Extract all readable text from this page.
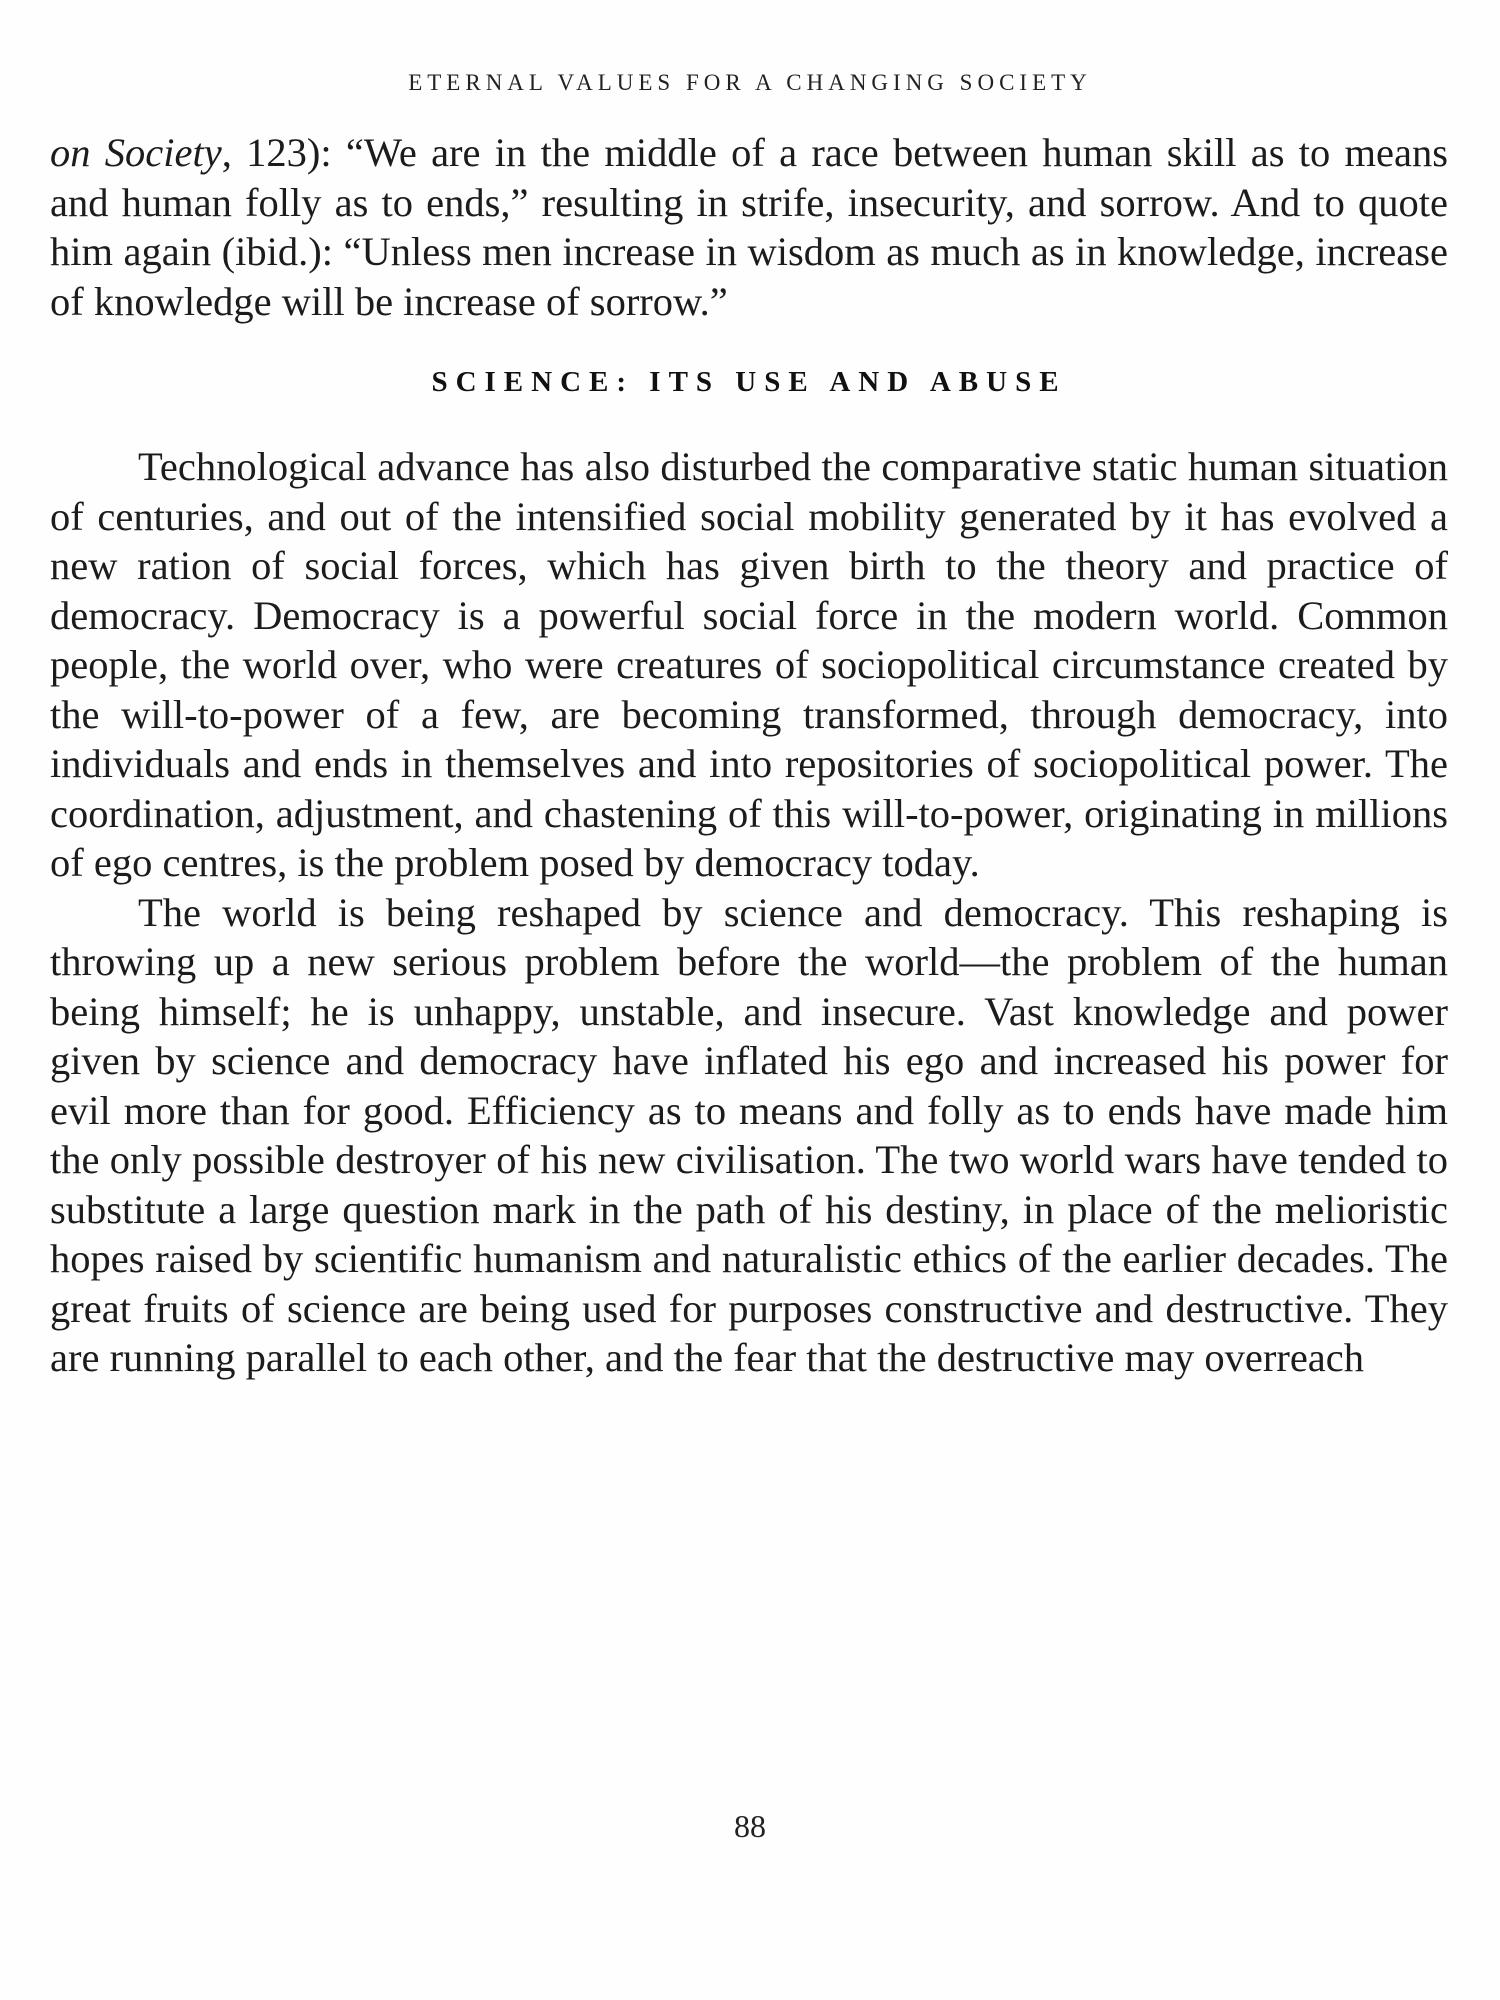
ETERNAL VALUES FOR A CHANGING SOCIETY

on Society, 123): “We are in the middle of a race between human skill as to means and human folly as to ends,” resulting in strife, insecurity, and sorrow. And to quote him again (ibid.): “Unless men increase in wisdom as much as in knowledge, increase of knowledge will be increase of sorrow.”

SCIENCE: ITS USE AND ABUSE

Technological advance has also disturbed the comparative static human situation of centuries, and out of the intensified social mobility generated by it has evolved a new ration of social forces, which has given birth to the theory and practice of democracy. Democracy is a powerful social force in the modern world. Common people, the world over, who were creatures of sociopolitical circumstance created by the will-to-power of a few, are becoming transformed, through democracy, into individuals and ends in themselves and into repositories of sociopolitical power. The coordination, adjustment, and chastening of this will-to-power, originating in millions of ego centres, is the problem posed by democracy today.

The world is being reshaped by science and democracy. This reshaping is throwing up a new serious problem before the world—the problem of the human being himself; he is unhappy, unstable, and insecure. Vast knowledge and power given by science and democracy have inflated his ego and increased his power for evil more than for good. Efficiency as to means and folly as to ends have made him the only possible destroyer of his new civilisation. The two world wars have tended to substitute a large question mark in the path of his destiny, in place of the melioristic hopes raised by scientific humanism and naturalistic ethics of the earlier decades. The great fruits of science are being used for purposes constructive and destructive. They are running parallel to each other, and the fear that the destructive may overreach

88
